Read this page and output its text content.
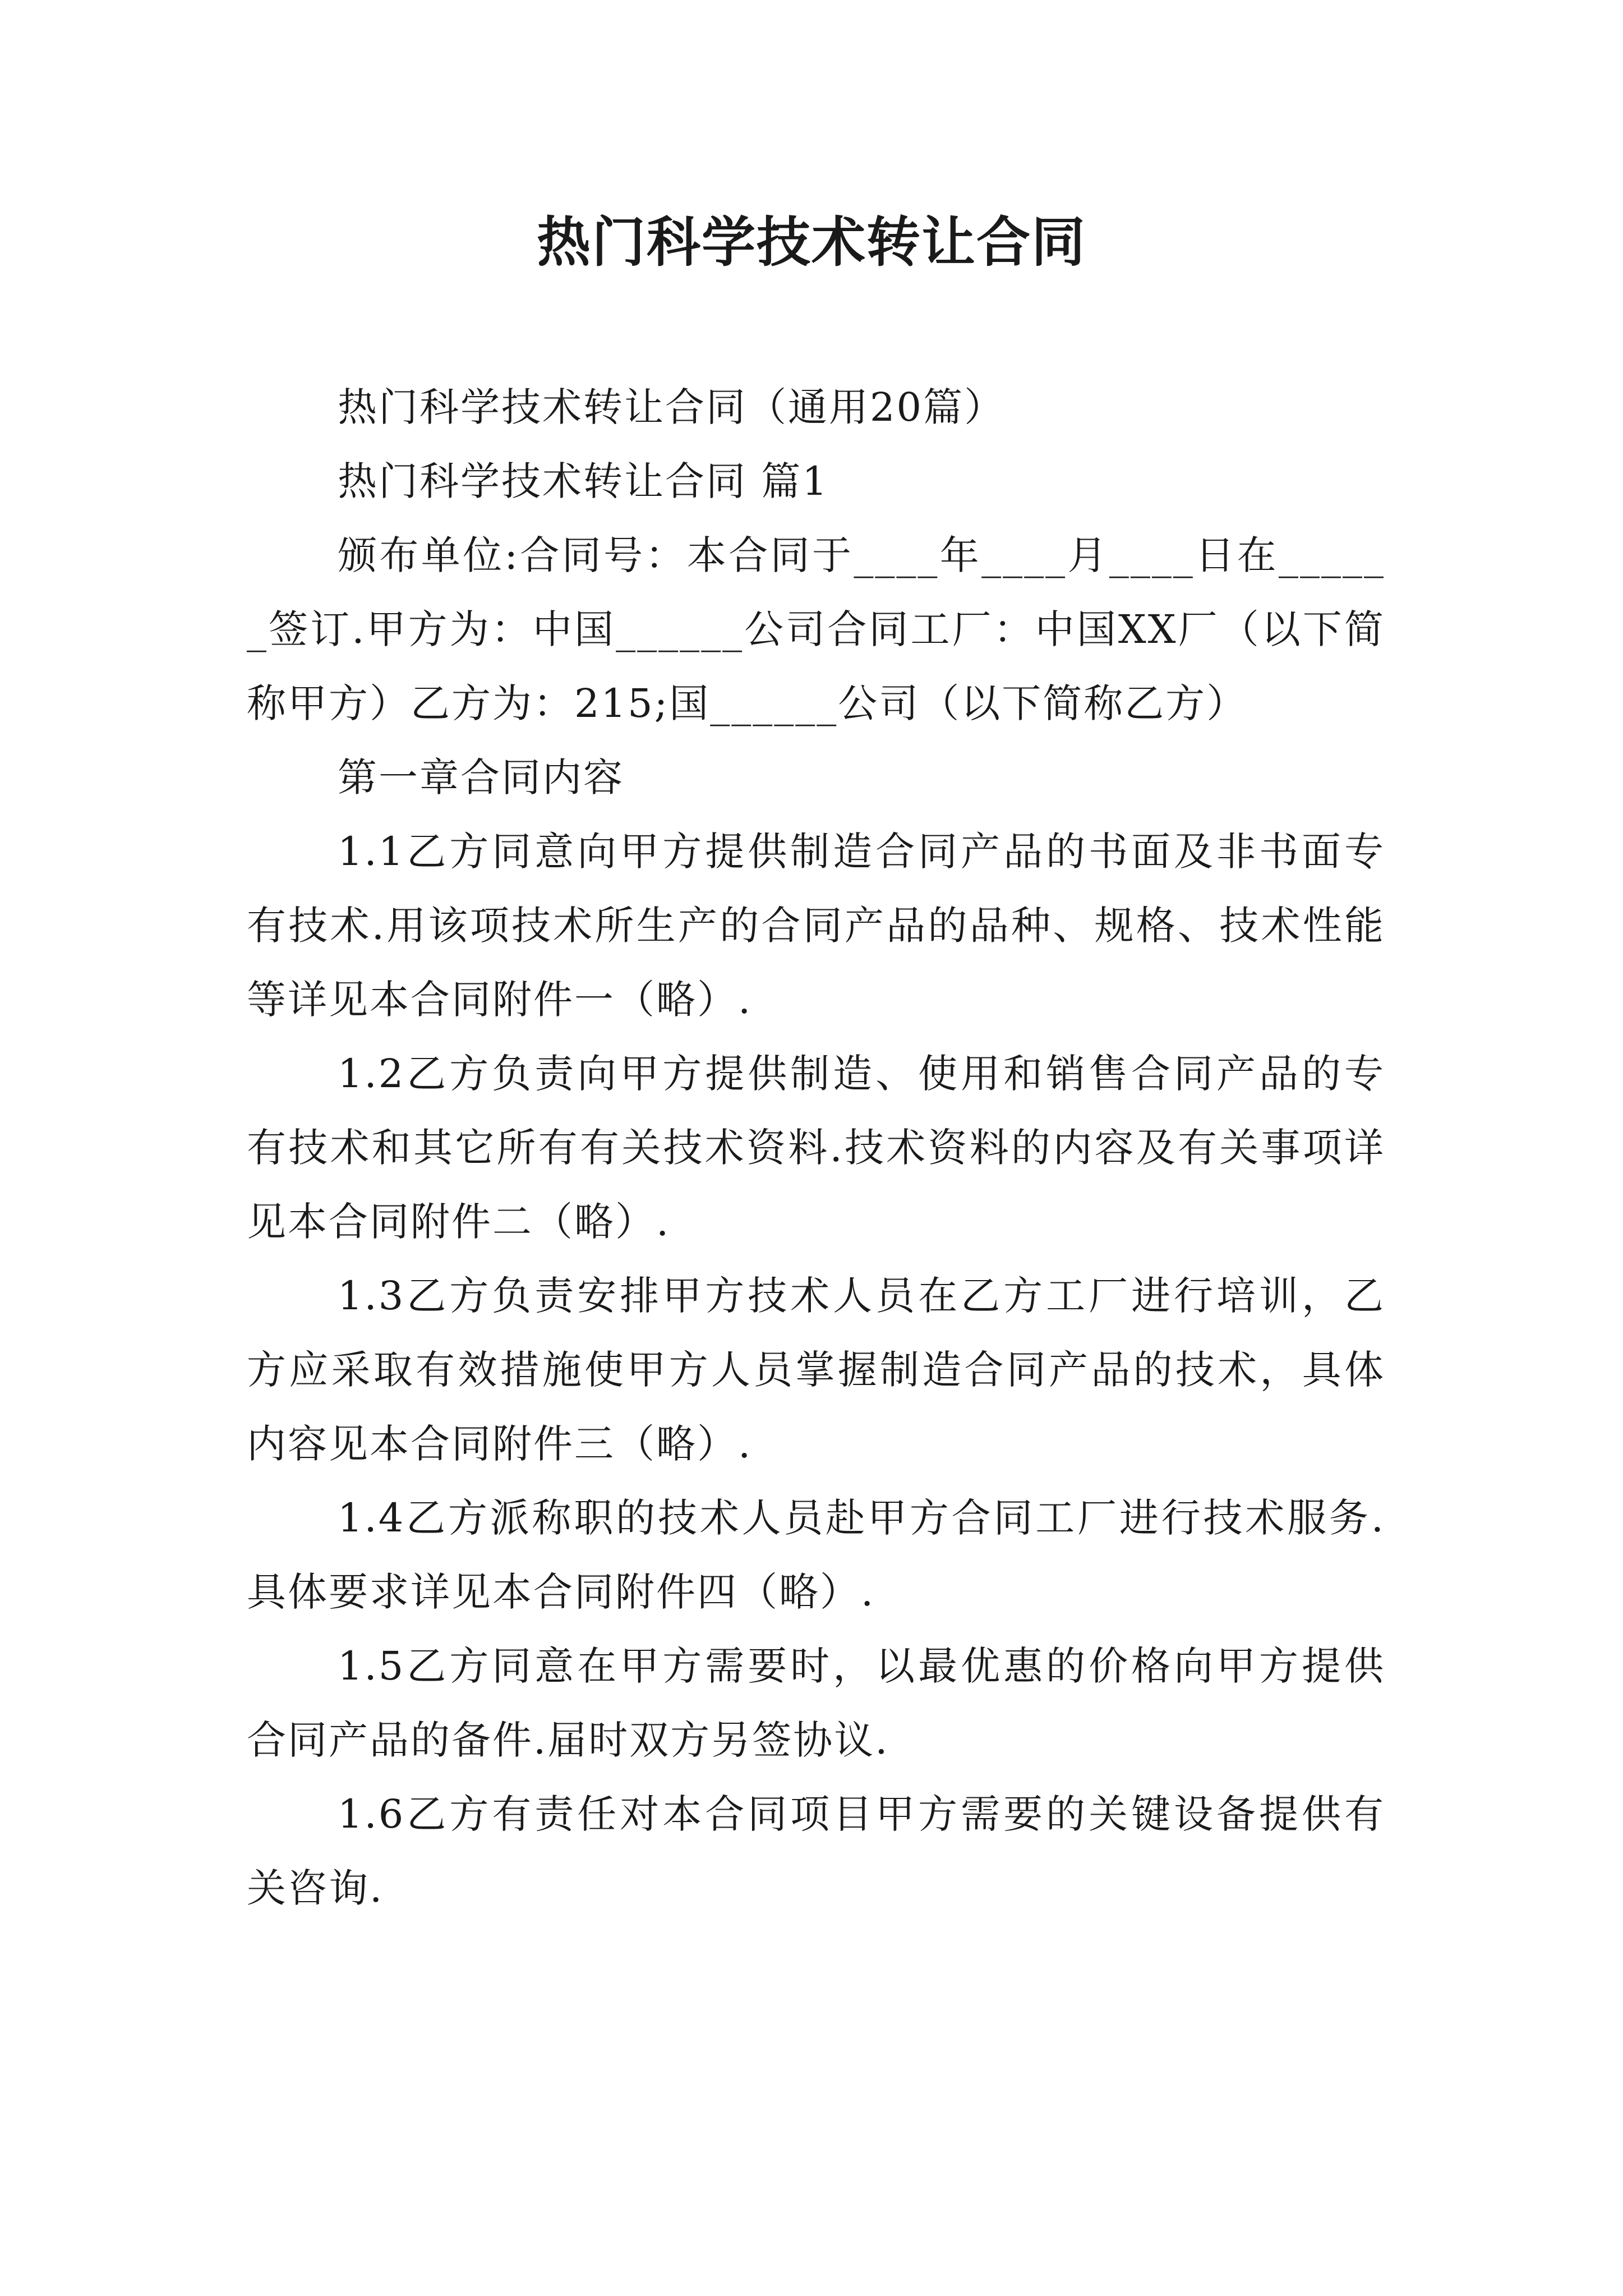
热门科学技术转让合同

热门科学技术转让合同（通用20篇）

热门科学技术转让合同 篇1

颁布单位:合同号：本合同于____年____月____日在______签订.甲方为：中国______公司合同工厂：中国XX厂（以下简称甲方）乙方为：215;国______公司（以下简称乙方）

第一章合同内容

1.1乙方同意向甲方提供制造合同产品的书面及非书面专有技术.用该项技术所生产的合同产品的品种、规格、技术性能等详见本合同附件一（略）.

1.2乙方负责向甲方提供制造、使用和销售合同产品的专有技术和其它所有有关技术资料.技术资料的内容及有关事项详见本合同附件二（略）.

1.3乙方负责安排甲方技术人员在乙方工厂进行培训，乙方应采取有效措施使甲方人员掌握制造合同产品的技术，具体内容见本合同附件三（略）.

1.4乙方派称职的技术人员赴甲方合同工厂进行技术服务.具体要求详见本合同附件四（略）.

1.5乙方同意在甲方需要时，以最优惠的价格向甲方提供合同产品的备件.届时双方另签协议.

1.6乙方有责任对本合同项目甲方需要的关键设备提供有关咨询.
